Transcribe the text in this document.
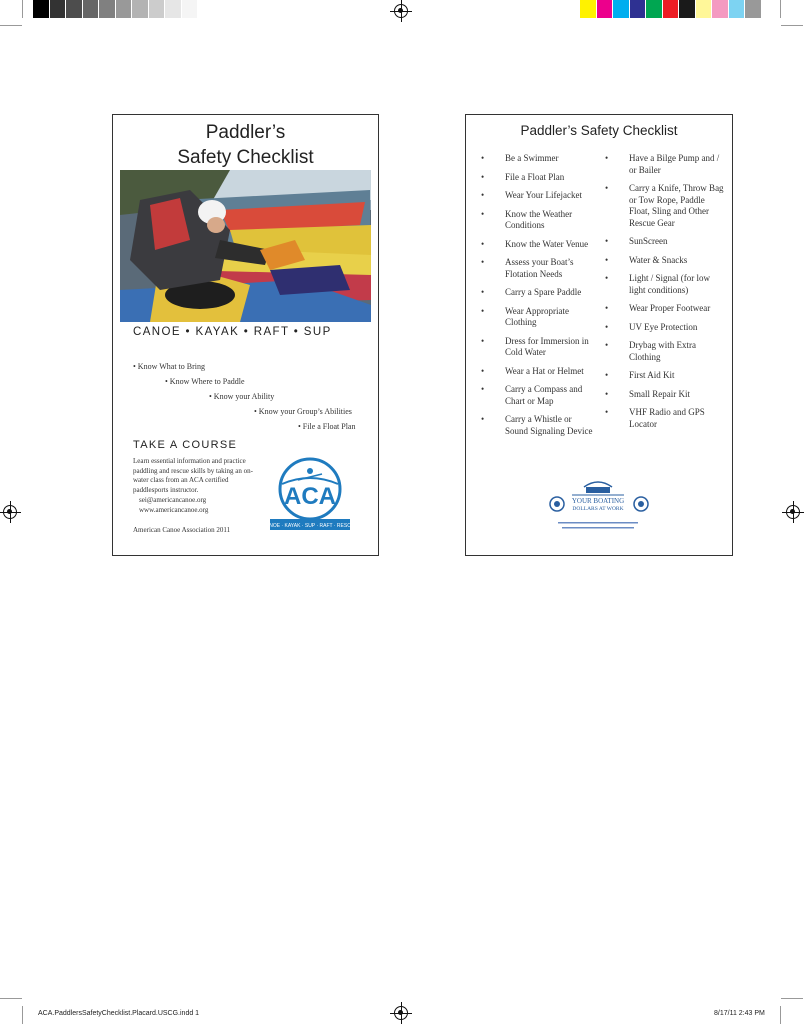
Paddler’s
Safety Checklist
CANOE • KAYAK • RAFT • SUP
• Know What to Bring
• Know Where to Paddle
• Know your Ability
• Know your Group’s Abilities
• File a Float Plan
TAKE A COURSE
Learn essential information and practice paddling and rescue skills by taking an on-water class from an ACA certified paddlesports instructor.
sei@americancanoe.org
www.americancanoe.org
American Canoe Association 2011
ACA
CANOE · KAYAK · SUP · RAFT · RESCUE
Paddler’s Safety Checklist
• Be a Swimmer
• File a Float Plan
• Wear Your Lifejacket
• Know the Weather Conditions
• Know the Water Venue
• Assess your Boat’s Flotation Needs
• Carry a Spare Paddle
• Wear Appropriate Clothing
• Dress for Immersion in Cold Water
• Wear a Hat or Helmet
• Carry a Compass and Chart or Map
• Carry a Whistle or Sound Signaling Device
• Have a Bilge Pump and / or Bailer
• Carry a Knife, Throw Bag or Tow Rope, Paddle Float, Sling and Other Rescue Gear
• SunScreen
• Water & Snacks
• Light / Signal (for low light conditions)
• Wear Proper Footwear
• UV Eye Protection
• Drybag with Extra Clothing
• First Aid Kit
• Small Repair Kit
• VHF Radio and GPS Locator
YOUR BOATING
DOLLARS AT WORK
ACA.PaddlersSafetyChecklist.Placard.USCG.indd 1	8/17/11 2:43 PM
